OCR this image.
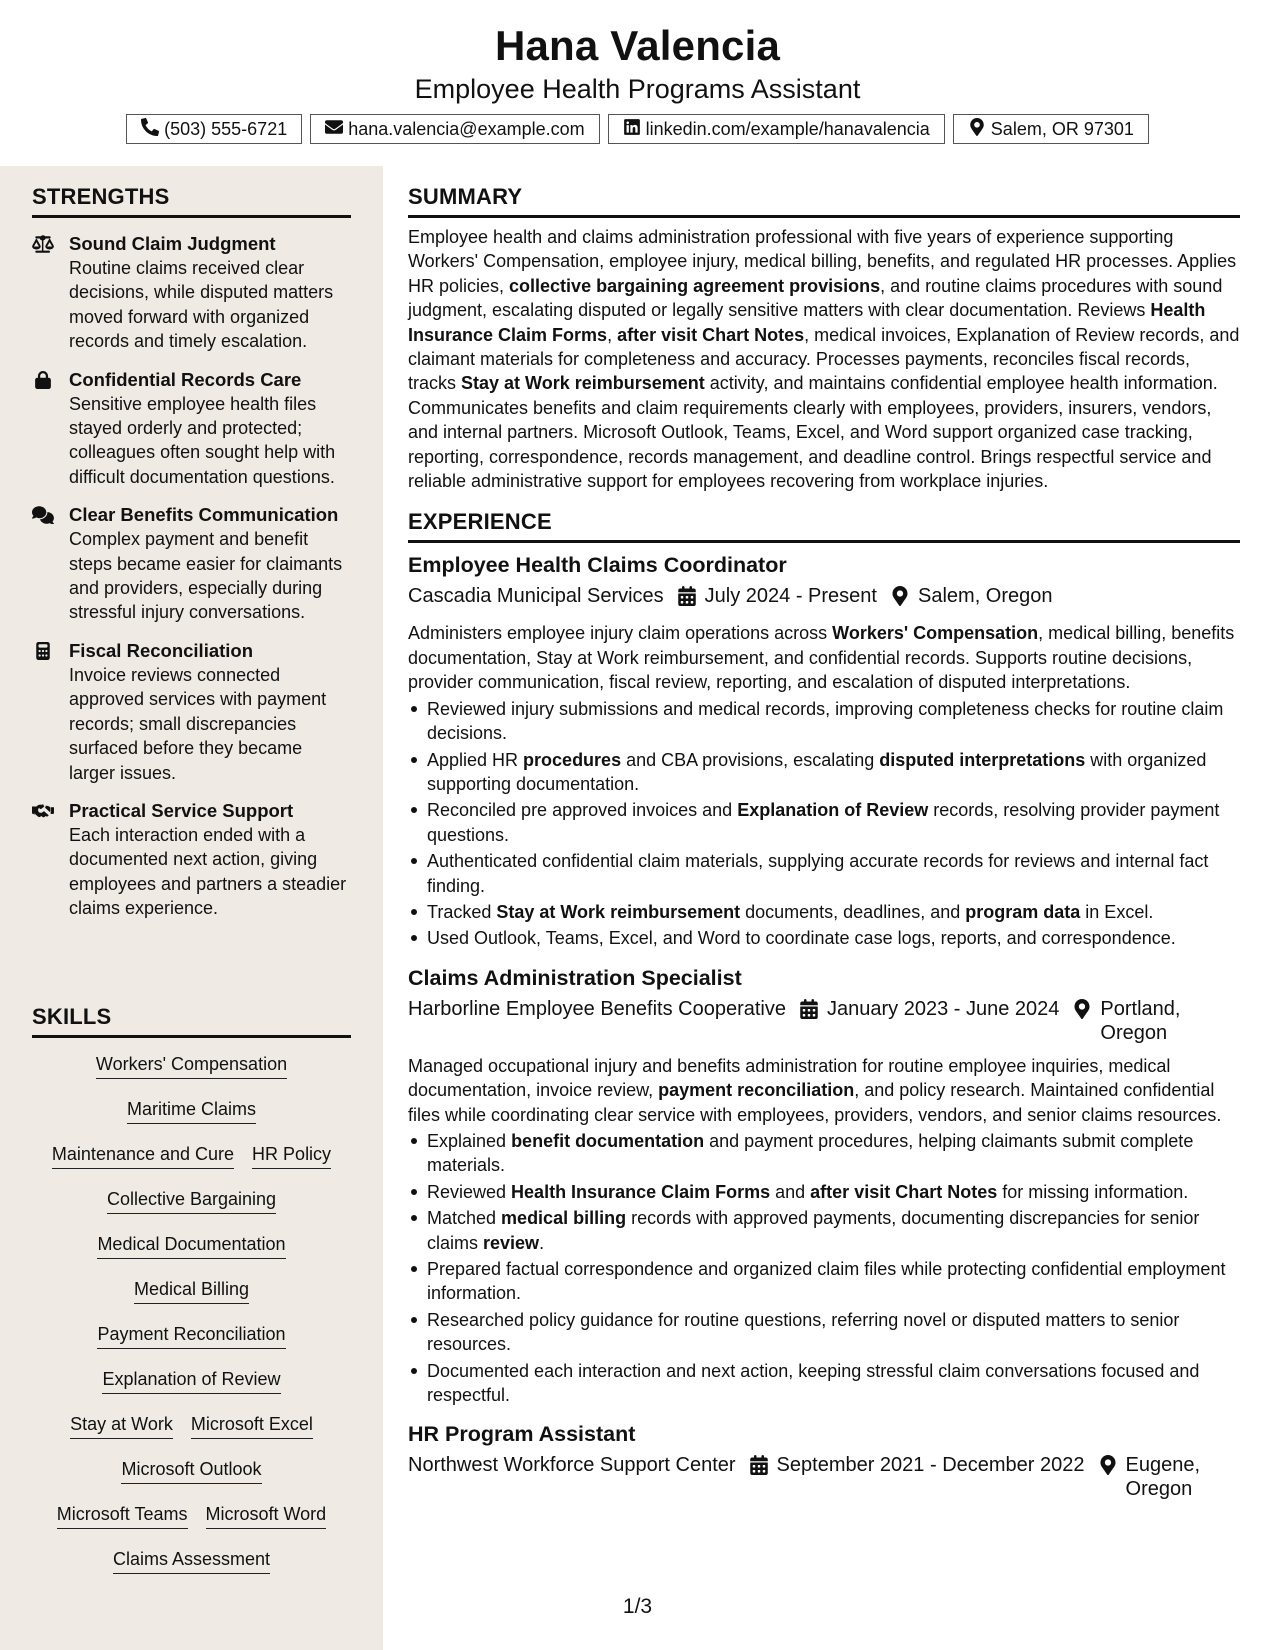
Hana Valencia
Employee Health Programs Assistant
(503) 555-6721	hana.valencia@example.com	linkedin.com/example/hanavalencia	Salem, OR 97301
STRENGTHS
Sound Claim Judgment
Routine claims received clear decisions, while disputed matters moved forward with organized records and timely escalation.
Confidential Records Care
Sensitive employee health files stayed orderly and protected; colleagues often sought help with difficult documentation questions.
Clear Benefits Communication
Complex payment and benefit steps became easier for claimants and providers, especially during stressful injury conversations.
Fiscal Reconciliation
Invoice reviews connected approved services with payment records; small discrepancies surfaced before they became larger issues.
Practical Service Support
Each interaction ended with a documented next action, giving employees and partners a steadier claims experience.
SKILLS
Workers' Compensation
Maritime Claims
Maintenance and Cure HR Policy
Collective Bargaining
Medical Documentation
Medical Billing
Payment Reconciliation
Explanation of Review
Stay at Work Microsoft Excel
Microsoft Outlook
Microsoft Teams Microsoft Word
Claims Assessment
SUMMARY

Employee health and claims administration professional with five years of experience supporting Workers' Compensation, employee injury, medical billing, benefits, and regulated HR processes. Applies HR policies, collective bargaining agreement provisions, and routine claims procedures with sound judgment, escalating disputed or legally sensitive matters with clear documentation. Reviews Health Insurance Claim Forms, after visit Chart Notes, medical invoices, Explanation of Review records, and claimant materials for completeness and accuracy. Processes payments, reconciles fiscal records, tracks Stay at Work reimbursement activity, and maintains confidential employee health information. Communicates benefits and claim requirements clearly with employees, providers, insurers, vendors, and internal partners. Microsoft Outlook, Teams, Excel, and Word support organized case tracking, reporting, correspondence, records management, and deadline control. Brings respectful service and reliable administrative support for employees recovering from workplace injuries.

EXPERIENCE
Employee Health Claims Coordinator
Cascadia Municipal Services July 2024 - Present Salem, Oregon
Administers employee injury claim operations across Workers' Compensation, medical billing, benefits documentation, Stay at Work reimbursement, and confidential records. Supports routine decisions, provider communication, fiscal review, reporting, and escalation of disputed interpretations.
Reviewed injury submissions and medical records, improving completeness checks for routine claim decisions.
Applied HR procedures and CBA provisions, escalating disputed interpretations with organized supporting documentation.
Reconciled pre approved invoices and Explanation of Review records, resolving provider payment questions.
Authenticated confidential claim materials, supplying accurate records for reviews and internal fact finding.
Tracked Stay at Work reimbursement documents, deadlines, and program data in Excel.
Used Outlook, Teams, Excel, and Word to coordinate case logs, reports, and correspondence.
Claims Administration Specialist
Harborline Employee Benefits Cooperative January 2023 - June 2024 Portland, Oregon
Managed occupational injury and benefits administration for routine employee inquiries, medical documentation, invoice review, payment reconciliation, and policy research. Maintained confidential files while coordinating clear service with employees, providers, vendors, and senior claims resources.
Explained benefit documentation and payment procedures, helping claimants submit complete materials.
Reviewed Health Insurance Claim Forms and after visit Chart Notes for missing information.
Matched medical billing records with approved payments, documenting discrepancies for senior claims review.
Prepared factual correspondence and organized claim files while protecting confidential employment information.
Researched policy guidance for routine questions, referring novel or disputed matters to senior resources.
Documented each interaction and next action, keeping stressful claim conversations focused and respectful.
HR Program Assistant
Northwest Workforce Support Center September 2021 - December 2022 Eugene, Oregon
1/3
